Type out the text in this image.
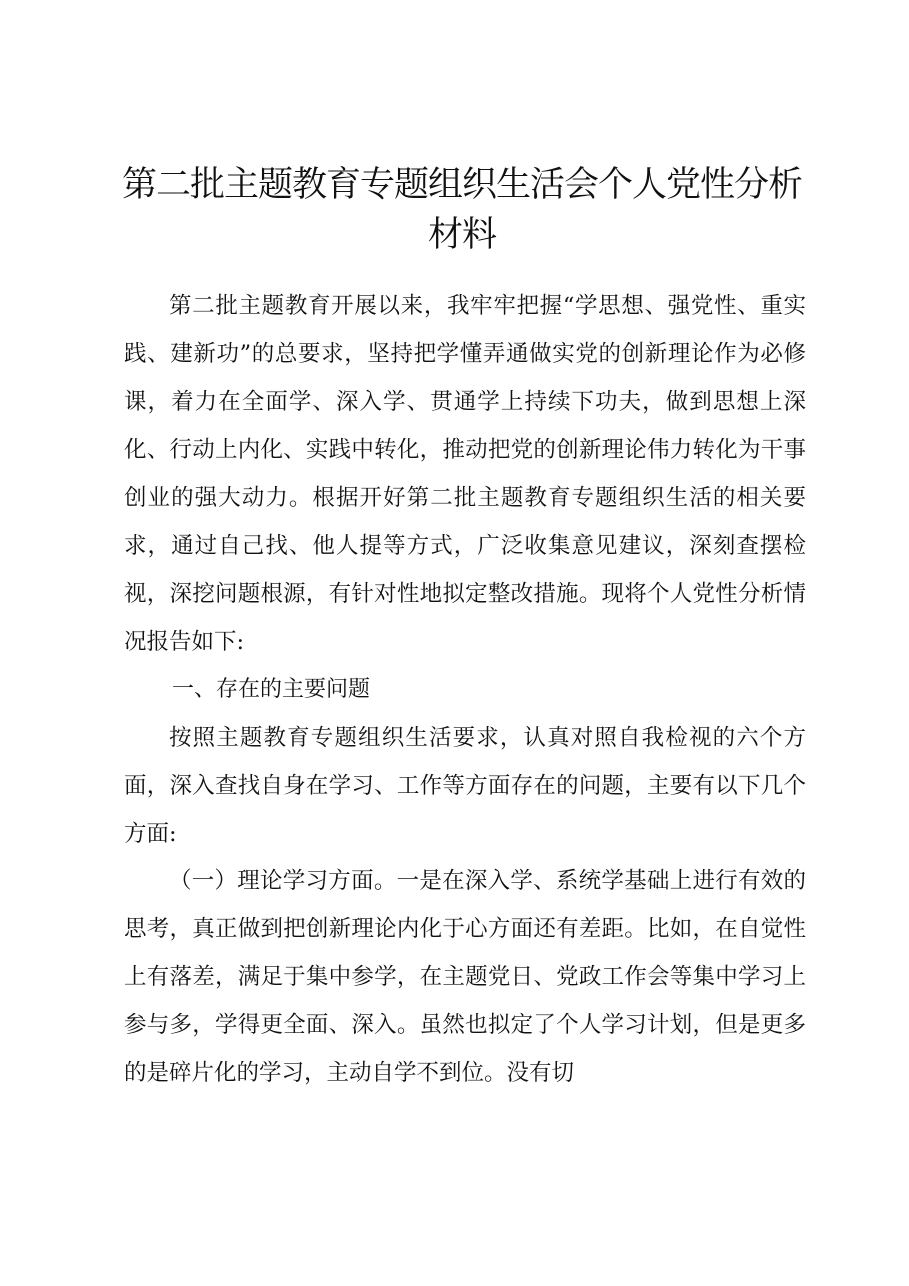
第二批主题教育专题组织生活会个人党性分析材料

第二批主题教育开展以来，我牢牢把握“学思想、强党性、重实践、建新功”的总要求，坚持把学懂弄通做实党的创新理论作为必修课，着力在全面学、深入学、贯通学上持续下功夫，做到思想上深化、行动上内化、实践中转化，推动把党的创新理论伟力转化为干事创业的强大动力。根据开好第二批主题教育专题组织生活的相关要求，通过自己找、他人提等方式，广泛收集意见建议，深刻查摆检视，深挖问题根源，有针对性地拟定整改措施。现将个人党性分析情况报告如下:

一、存在的主要问题

按照主题教育专题组织生活要求，认真对照自我检视的六个方面，深入查找自身在学习、工作等方面存在的问题，主要有以下几个方面:

（一）理论学习方面。一是在深入学、系统学基础上进行有效的思考，真正做到把创新理论内化于心方面还有差距。比如，在自觉性上有落差，满足于集中参学，在主题党日、党政工作会等集中学习上参与多，学得更全面、深入。虽然也拟定了个人学习计划，但是更多的是碎片化的学习，主动自学不到位。没有切
